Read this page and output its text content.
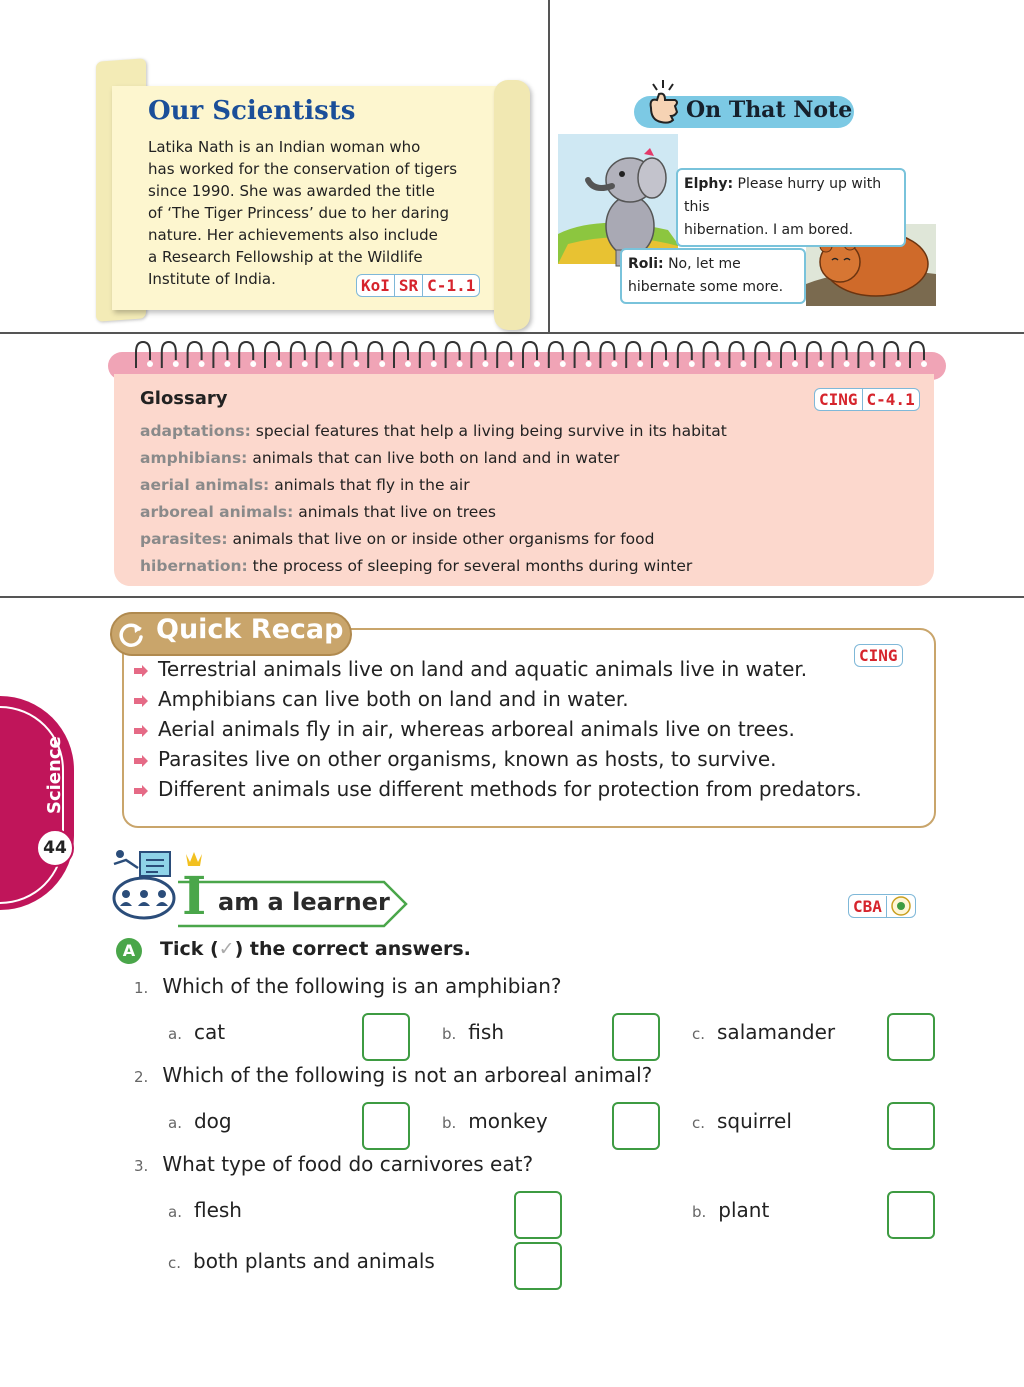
Our Scientists
Latika Nath is an Indian woman who
has worked for the conservation of tigers
since 1990. She was awarded the title
of ‘The Tiger Princess’ due to her daring
nature. Her achievements also include
a Research Fellowship at the Wildlife
Institute of India.	KoI SR C-1.1
On That Note
Elphy: Please hurry up with this
hibernation. I am bored.
Roli: No, let me
hibernate some more.
Glossary	CING C-4.1
adaptations: special features that help a living being survive in its habitat
amphibians: animals that can live both on land and in water
aerial animals: animals that fly in the air
arboreal animals: animals that live on trees
parasites: animals that live on or inside other organisms for food
hibernation: the process of sleeping for several months during winter
Quick Recap
CING
Terrestrial animals live on land and aquatic animals live in water.
Amphibians can live both on land and in water.
Aerial animals fly in air, whereas arboreal animals live on trees.
Parasites live on other organisms, known as hosts, to survive.
Different animals use different methods for protection from predators.
Science
44
I am a learner	CBA
A	Tick (✓) the correct answers.
1. Which of the following is an amphibian?
a. cat	b. fish	c. salamander
2. Which of the following is not an arboreal animal?
a. dog	b. monkey	c. squirrel
3. What type of food do carnivores eat?
a. flesh	b. plant
c. both plants and animals
